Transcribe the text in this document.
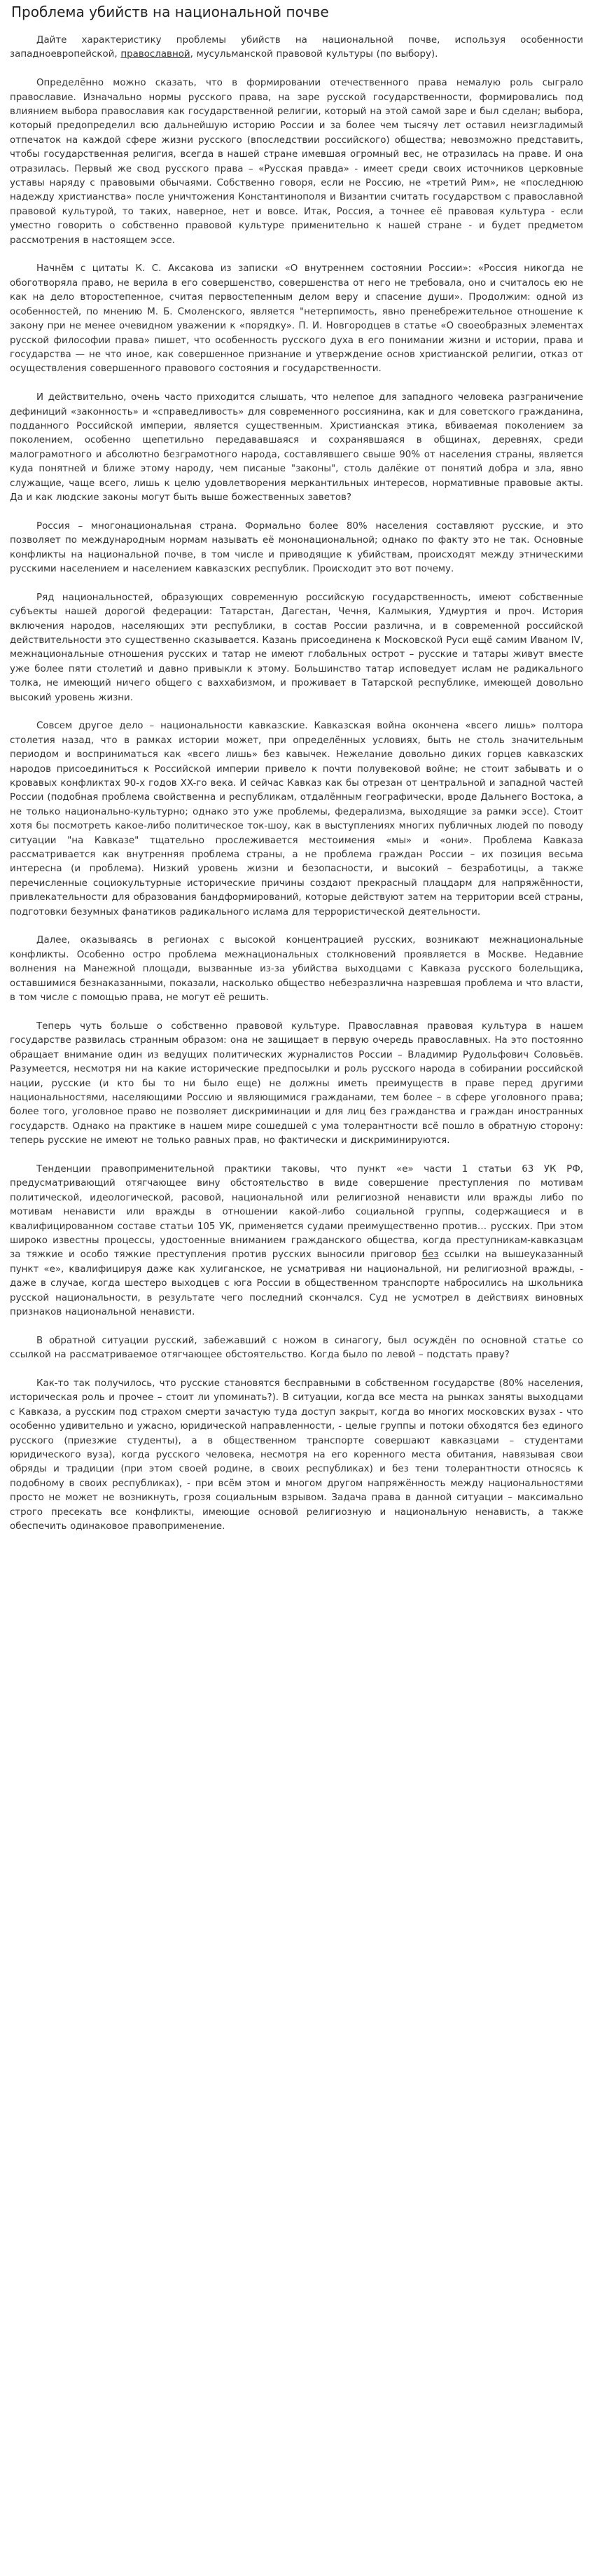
Проблема убийств на национальной почве

Дайте характеристику проблемы убийств на национальной почве, используя особенности западноевропейской, православной, мусульманской правовой культуры (по выбору).

Определённо можно сказать, что в формировании отечественного права немалую роль сыграло православие. Изначально нормы русского права, на заре русской государственности, формировались под влиянием выбора православия как государственной религии, который на этой самой заре и был сделан; выбора, который предопределил всю дальнейшую историю России и за более чем тысячу лет оставил неизгладимый отпечаток на каждой сфере жизни русского (впоследствии российского) общества; невозможно представить, чтобы государственная религия, всегда в нашей стране имевшая огромный вес, не отразилась на праве. И она отразилась. Первый же свод русского права – «Русская правда» - имеет среди своих источников церковные уставы наряду с правовыми обычаями. Собственно говоря, если не Россию, не «третий Рим», не «последнюю надежду христианства» после уничтожения Константинополя и Византии считать государством с православной правовой культурой, то таких, наверное, нет и вовсе. Итак, Россия, а точнее её правовая культура - если уместно говорить о собственно правовой культуре применительно к нашей стране - и будет предметом рассмотрения в настоящем эссе.

Начнём с цитаты К. С. Аксакова из записки «О внутреннем состоянии России»: «Россия никогда не обоготворяла право, не верила в его совершенство, совершенства от него не требовала, оно и считалось ею не как на дело второстепенное, считая первостепенным делом веру и спасение души». Продолжим: одной из особенностей, по мнению М. Б. Смоленского, является "нетерпимость, явно пренебрежительное отношение к закону при не менее очевидном уважении к «порядку». П. И. Новгородцев в статье «О своеобразных элементах русской философии права» пишет, что особенность русского духа в его понимании жизни и истории, права и государства — не что иное, как совершенное признание и утверждение основ христианской религии, отказ от осуществления совершенного правового состояния и государственности.

И действительно, очень часто приходится слышать, что нелепое для западного человека разграничение дефиниций «законность» и «справедливость» для современного россиянина, как и для советского гражданина, подданного Российской империи, является существенным. Христианская этика, вбиваемая поколением за поколением, особенно щепетильно передававшаяся и сохранявшаяся в общинах, деревнях, среди малограмотного и абсолютно безграмотного народа, составлявшего свыше 90% от населения страны, является куда понятней и ближе этому народу, чем писаные "законы", столь далёкие от понятий добра и зла, явно служащие, чаще всего, лишь к целю удовлетворения меркантильных интересов, нормативные правовые акты. Да и как людские законы могут быть выше божественных заветов?

Россия – многонациональная страна. Формально более 80% населения составляют русские, и это позволяет по международным нормам называть её мононациональной; однако по факту это не так. Основные конфликты на национальной почве, в том числе и приводящие к убийствам, происходят между этническими русскими населением и населением кавказских республик. Происходит это вот почему.

Ряд национальностей, образующих современную российскую государственность, имеют собственные субъекты нашей дорогой федерации: Татарстан, Дагестан, Чечня, Калмыкия, Удмуртия и проч. История включения народов, населяющих эти республики, в состав России различна, и в современной российской действительности это существенно сказывается. Казань присоединена к Московской Руси ещё самим Иваном IV, межнациональные отношения русских и татар не имеют глобальных острот – русские и татары живут вместе уже более пяти столетий и давно привыкли к этому. Большинство татар исповедует ислам не радикального толка, не имеющий ничего общего с ваххабизмом, и проживает в Татарской республике, имеющей довольно высокий уровень жизни.

Совсем другое дело – национальности кавказские. Кавказская война окончена «всего лишь» полтора столетия назад, что в рамках истории может, при определённых условиях, быть не столь значительным периодом и восприниматься как «всего лишь» без кавычек. Нежелание довольно диких горцев кавказских народов присоединиться к Российской империи привело к почти полувековой войне; не стоит забывать и о кровавых конфликтах 90-х годов XX-го века. И сейчас Кавказ как бы отрезан от центральной и западной частей России (подобная проблема свойственна и республикам, отдалённым географически, вроде Дальнего Востока, а не только национально-культурно; однако это уже проблемы, федерализма, выходящие за рамки эссе). Стоит хотя бы посмотреть какое-либо политическое ток-шоу, как в выступлениях многих публичных людей по поводу ситуации "на Кавказе" тщательно прослеживается местоимения «мы» и «они». Проблема Кавказа рассматривается как внутренняя проблема страны, а не проблема граждан России – их позиция весьма интересна (и проблема). Низкий уровень жизни и безопасности, и высокий – безработицы, а также перечисленные социокультурные исторические причины создают прекрасный плацдарм для напряжённости, привлекательности для образования бандформирований, которые действуют затем на территории всей страны, подготовки безумных фанатиков радикального ислама для террористической деятельности.

Далее, оказываясь в регионах с высокой концентрацией русских, возникают межнациональные конфликты. Особенно остро проблема межнациональных столкновений проявляется в Москве. Недавние волнения на Манежной площади, вызванные из-за убийства выходцами с Кавказа русского болельщика, оставшимися безнаказанными, показали, насколько общество небезразлична назревшая проблема и что власти, в том числе с помощью права, не могут её решить.

Теперь чуть больше о собственно правовой культуре. Православная правовая культура в нашем государстве развилась странным образом: она не защищает в первую очередь православных. На это постоянно обращает внимание один из ведущих политических журналистов России – Владимир Рудольфович Соловьёв. Разумеется, несмотря ни на какие исторические предпосылки и роль русского народа в собирании российской нации, русские (и кто бы то ни было еще) не должны иметь преимуществ в праве перед другими национальностями, населяющими Россию и являющимися гражданами, тем более – в сфере уголовного права; более того, уголовное право не позволяет дискриминации и для лиц без гражданства и граждан иностранных государств. Однако на практике в нашем мире сошедшей с ума толерантности всё пошло в обратную сторону: теперь русские не имеют не только равных прав, но фактически и дискриминируются.

Тенденции правоприменительной практики таковы, что пункт «е» части 1 статьи 63 УК РФ, предусматривающий отягчающее вину обстоятельство в виде совершение преступления по мотивам политической, идеологической, расовой, национальной или религиозной ненависти или вражды либо по мотивам ненависти или вражды в отношении какой-либо социальной группы, содержащиеся и в квалифицированном составе статьи 105 УК, применяется судами преимущественно против… русских. При этом широко известны процессы, удостоенные вниманием гражданского общества, когда преступникам-кавказцам за тяжкие и особо тяжкие преступления против русских выносили приговор без ссылки на вышеуказанный пункт «е», квалифицируя даже как хулиганское, не усматривая ни национальной, ни религиозной вражды, - даже в случае, когда шестеро выходцев с юга России в общественном транспорте набросились на школьника русской национальности, в результате чего последний скончался. Суд не усмотрел в действиях виновных признаков национальной ненависти.

В обратной ситуации русский, забежавший с ножом в синагогу, был осуждён по основной статье со ссылкой на рассматриваемое отягчающее обстоятельство. Когда было по левой – подстать праву?

Как-то так получилось, что русские становятся бесправными в собственном государстве (80% населения, историческая роль и прочее – стоит ли упоминать?). В ситуации, когда все места на рынках заняты выходцами с Кавказа, а русским под страхом смерти зачастую туда доступ закрыт, когда во многих московских вузах - что особенно удивительно и ужасно, юридической направленности, - целые группы и потоки обходятся без единого русского (приезжие студенты), а в общественном транспорте совершают кавказцами – студентами юридического вуза), когда русского человека, несмотря на его коренного места обитания, навязывая свои обряды и традиции (при этом своей родине, в своих республиках) и без тени толерантности относясь к подобному в своих республиках), - при всём этом и многом другом напряжённость между национальностями просто не может не возникнуть, грозя социальным взрывом. Задача права в данной ситуации – максимально строго пресекать все конфликты, имеющие основой религиозную и национальную ненависть, а также обеспечить одинаковое правоприменение.
